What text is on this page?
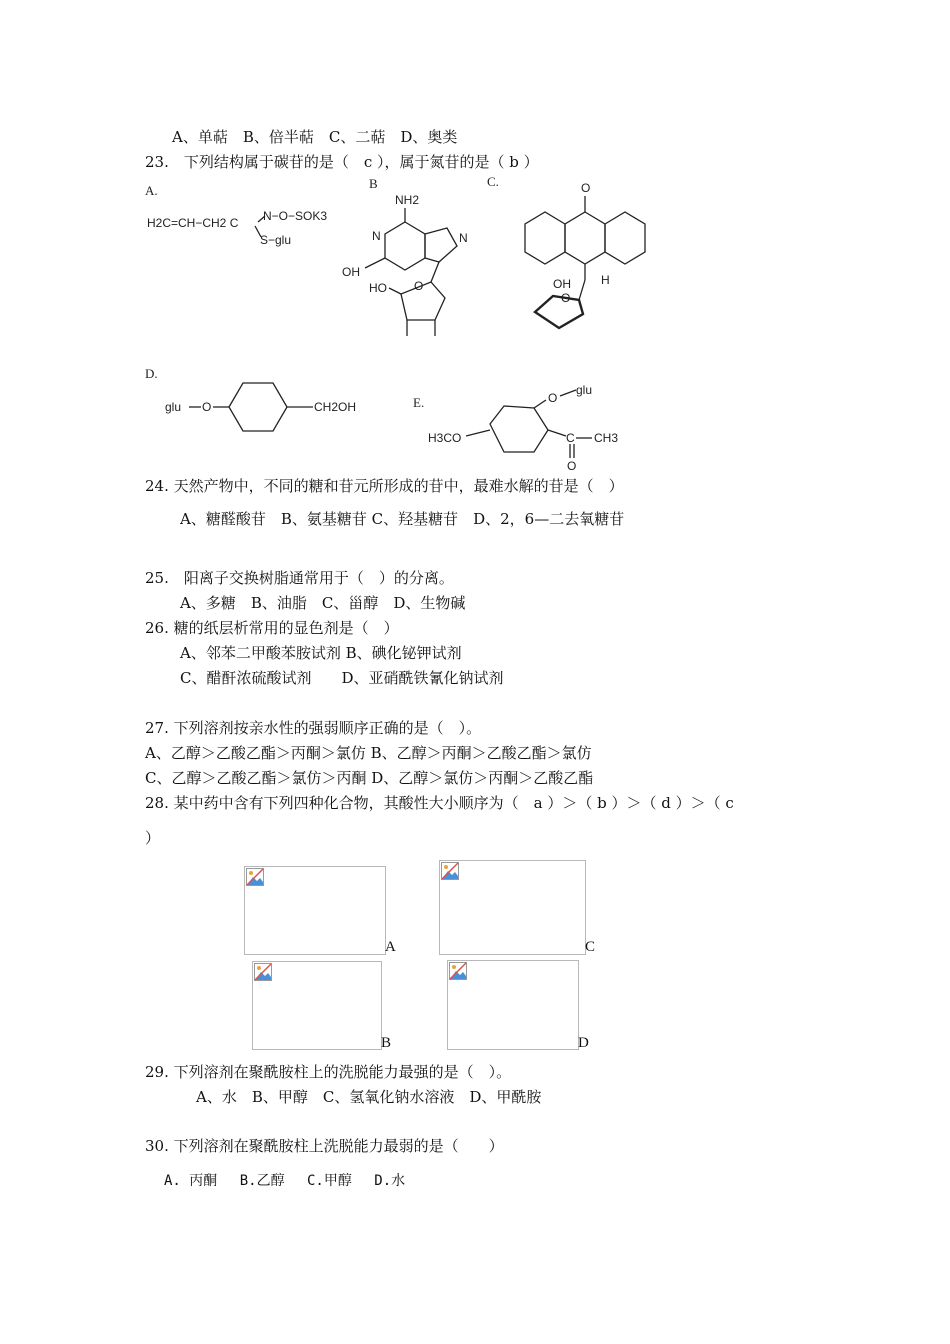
A、单萜　B、倍半萜　C、二萜　D、奥类
23.　下列结构属于碳苷的是（　c ），属于氮苷的是（ b ）
A.	B	C.
D.
E.
H2C=CH−CH2 C N−O−SOK3
S−glu
NH2
N	N
OH
O
HO
O
H
O
OH
glu O	CH2OH
glu
O
H3CO	C CH3
O
24. 天然产物中，不同的糖和苷元所形成的苷中，最难水解的苷是（　）
A、糖醛酸苷　B、氨基糖苷 C、羟基糖苷　D、2，6—二去氧糖苷
25.　阳离子交换树脂通常用于（　）的分离。
A、多糖　B、油脂　C、甾醇　D、生物碱
26. 糖的纸层析常用的显色剂是（　）
A、邻苯二甲酸苯胺试剂 B、碘化铋钾试剂
C、醋酐浓硫酸试剂　　D、亚硝酰铁氰化钠试剂
27. 下列溶剂按亲水性的强弱顺序正确的是（　）。
A、乙醇＞乙酸乙酯＞丙酮＞氯仿 B、乙醇＞丙酮＞乙酸乙酯＞氯仿
C、乙醇＞乙酸乙酯＞氯仿＞丙酮 D、乙醇＞氯仿＞丙酮＞乙酸乙酯
28. 某中药中含有下列四种化合物，其酸性大小顺序为（　a ）＞（ b ）＞（ d ）＞（ c
）
A	C
B	D
29. 下列溶剂在聚酰胺柱上的洗脱能力最强的是（　）。
A、水　B、甲醇　C、氢氧化钠水溶液　D、甲酰胺
30. 下列溶剂在聚酰胺柱上洗脱能力最弱的是（　　）
A. 丙酮　 B.乙醇　 C.甲醇　 D.水
